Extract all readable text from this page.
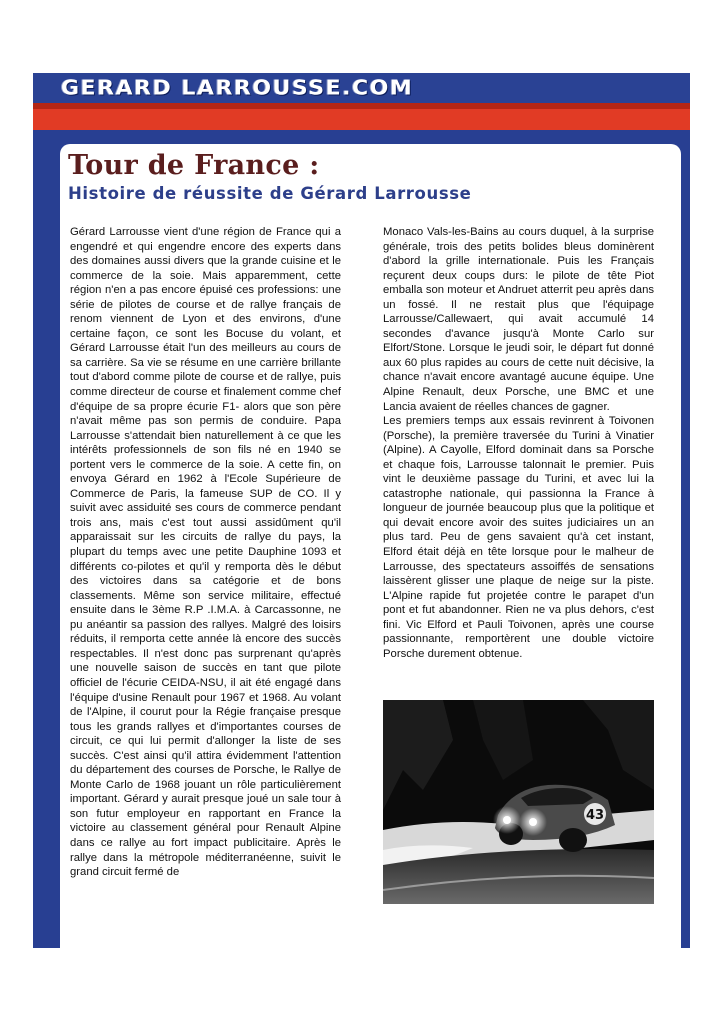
GERARD LARROUSSE.COM
Tour de France :
Histoire de réussite de Gérard Larrousse

Gérard Larrousse vient d'une région de France qui a engendré et qui engendre encore des experts dans des domaines aussi divers que la grande cuisine et le commerce de la soie. Mais apparemment, cette région n'en a pas encore épuisé ces professions: une série de pilotes de course et de rallye français de renom viennent de Lyon et des environs, d'une certaine façon, ce sont les Bocuse du volant, et Gérard Larrousse était l'un des meilleurs au cours de sa carrière. Sa vie se résume en une carrière brillante tout d'abord comme pilote de course et de rallye, puis comme directeur de course et finalement comme chef d'équipe de sa propre écurie F1- alors que son père n'avait même pas son permis de conduire. Papa Larrousse s'attendait bien naturellement à ce que les intérêts professionnels de son fils né en 1940 se portent vers le commerce de la soie. A cette fin, on envoya Gérard en 1962 à l'Ecole Supérieure de Commerce de Paris, la fameuse SUP de CO. Il y suivit avec assiduité ses cours de commerce pendant trois ans, mais c'est tout aussi assidûment qu'il apparaissait sur les circuits de rallye du pays, la plupart du temps avec une petite Dauphine 1093 et différents co-pilotes et qu'il y remporta dès le début des victoires dans sa catégorie et de bons classements. Même son service militaire, effectué ensuite dans le 3ème R.P .I.M.A. à Carcassonne, ne pu anéantir sa passion des rallyes. Malgré des loisirs réduits, il remporta cette année là encore des succès respectables. Il n'est donc pas surprenant qu'après une nouvelle saison de succès en tant que pilote officiel de l'écurie CEIDA-NSU, il ait été engagé dans l'équipe d'usine Renault pour 1967 et 1968. Au volant de l'Alpine, il courut pour la Régie française presque tous les grands rallyes et d'importantes courses de circuit, ce qui lui permit d'allonger la liste de ses succès. C'est ainsi qu'il attira évidemment l'attention du département des courses de Porsche, le Rallye de Monte Carlo de 1968 jouant un rôle particulièrement important. Gérard y aurait presque joué un sale tour à son futur employeur en rapportant en France la victoire au classement général pour Renault Alpine dans ce rallye au fort impact publicitaire. Après le rallye dans la métropole méditerranéenne, suivit le grand circuit fermé de

Monaco Vals-les-Bains au cours duquel, à la surprise générale, trois des petits bolides bleus dominèrent d'abord la grille internationale. Puis les Français reçurent deux coups durs: le pilote de tête Piot emballa son moteur et Andruet atterrit peu après dans un fossé. Il ne restait plus que l'équipage Larrousse/Callewaert, qui avait accumulé 14 secondes d'avance jusqu'à Monte Carlo sur Elfort/Stone. Lorsque le jeudi soir, le départ fut donné aux 60 plus rapides au cours de cette nuit décisive, la chance n'avait encore avantagé aucune équipe. Une Alpine Renault, deux Porsche, une BMC et une Lancia avaient de réelles chances de gagner.

Les premiers temps aux essais revinrent à Toivonen (Porsche), la première traversée du Turini à Vinatier (Alpine). A Cayolle, Elford dominait dans sa Porsche et chaque fois, Larrousse talonnait le premier. Puis vint le deuxième passage du Turini, et avec lui la catastrophe nationale, qui passionna la France à longueur de journée beaucoup plus que la politique et qui devait encore avoir des suites judiciaires un an plus tard. Peu de gens savaient qu'à cet instant, Elford était déjà en tête lorsque pour le malheur de Larrousse, des spectateurs assoiffés de sensations laissèrent glisser une plaque de neige sur la piste. L'Alpine rapide fut projetée contre le parapet d'un pont et fut abandonner. Rien ne va plus dehors, c'est fini. Vic Elford et Pauli Toivonen, après une course passionnante, remportèrent une double victoire Porsche durement obtenue.

43
